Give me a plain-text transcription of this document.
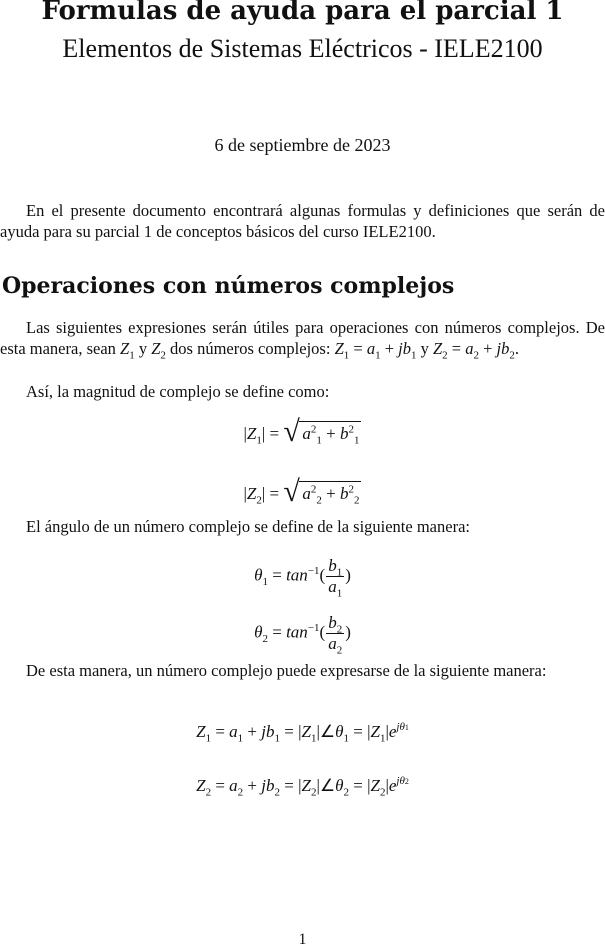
Formulas de ayuda para el parcial 1
Elementos de Sistemas Eléctricos - IELE2100
6 de septiembre de 2023
En el presente documento encontrará algunas formulas y definiciones que serán de ayuda para su parcial 1 de conceptos básicos del curso IELE2100.
Operaciones con números complejos
Las siguientes expresiones serán útiles para operaciones con números complejos. De esta manera, sean $Z_1$ y $Z_2$ dos números complejos: $Z_1 = a_1 + jb_1$ y $Z_2 = a_2 + jb_2$.
Así, la magnitud de complejo se define como:
$|Z_1|$ = √ $a^2_1 + b^2_1$
$|Z_2|$ = √ $a^2_2 + b^2_2$
El ángulo de un número complejo se define de la siguiente manera:
$\theta_1 = \tan^{-1}( \frac{b_1}{a_1}$ )
$\theta_2 = \tan^{-1}( \frac{b_2}{a_2}$ )
De esta manera, un número complejo puede expresarse de la siguiente manera:
$Z_1 = a_1 + jb_1$ = $|Z_1|\angle\theta_1 = |Z_1|e^{j\theta 1}$
$Z_2 = a_2 + jb_2$ = $|Z_2|\angle\theta_2 = |Z_2|e^{j\theta 2}$
1
